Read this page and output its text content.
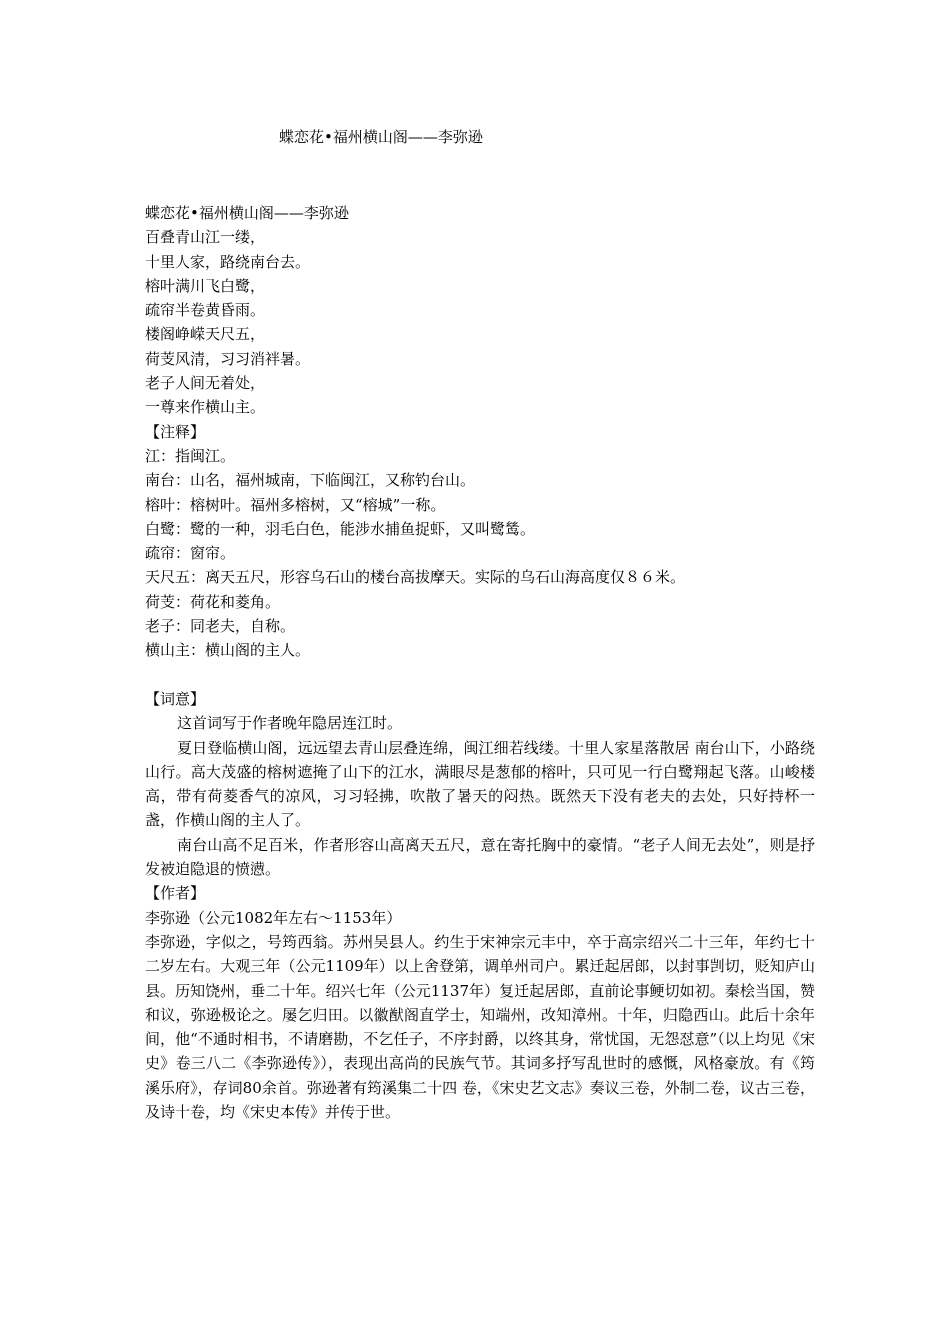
蝶恋花•福州横山阁——李弥逊
蝶恋花•福州横山阁——李弥逊
百叠青山江一缕，
十里人家，路绕南台去。
榕叶满川飞白鹭，
疏帘半卷黄昏雨。
楼阁峥嵘天尺五，
荷芰风清，习习消袢暑。
老子人间无着处，
一尊来作横山主。
【注释】
江：指闽江。
南台：山名，福州城南，下临闽江，又称钓台山。
榕叶：榕树叶。福州多榕树，又“榕城”一称。
白鹭：鹭的一种，羽毛白色，能涉水捕鱼捉虾，又叫鹭鸶。
疏帘：窗帘。
天尺五：离天五尺，形容乌石山的楼台高拔摩天。实际的乌石山海高度仅８６米。
荷芰：荷花和菱角。
老子：同老夫，自称。
横山主：横山阁的主人。
【词意】
这首词写于作者晚年隐居连江时。
夏日登临横山阁，远远望去青山层叠连绵，闽江细若线缕。十里人家星落散居 南台山下，小路绕山行。高大茂盛的榕树遮掩了山下的江水，满眼尽是葱郁的榕叶，只可见一行白鹭翔起飞落。山峻楼高，带有荷菱香气的凉风，习习轻拂，吹散了暑天的闷热。既然天下没有老夫的去处，只好持杯一盏，作横山阁的主人了。
南台山高不足百米，作者形容山高离天五尺，意在寄托胸中的豪情。“老子人间无去处”，则是抒发被迫隐退的愤懑。
【作者】
李弥逊（公元1082年左右～1153年）
李弥逊，字似之，号筠西翁。苏州吴县人。约生于宋神宗元丰中，卒于高宗绍兴二十三年，年约七十二岁左右。大观三年（公元1109年）以上舍登第，调单州司户。累迁起居郎，以封事剀切，贬知庐山县。历知饶州，垂二十年。绍兴七年（公元1137年）复迁起居郎，直前论事鲠切如初。秦桧当国，赞和议，弥逊极论之。屡乞归田。以徽猷阁直学士，知端州，改知漳州。十年，归隐西山。此后十余年间，他“不通时相书，不请磨勘，不乞任子，不序封爵，以终其身，常忧国，无怨怼意”（以上均见《宋史》卷三八二《李弥逊传》），表现出高尚的民族气节。其词多抒写乱世时的感慨，风格豪放。有《筠溪乐府》，存词80余首。弥逊著有筠溪集二十四 卷，《宋史艺文志》奏议三卷，外制二卷，议古三卷，及诗十卷，均《宋史本传》并传于世。
